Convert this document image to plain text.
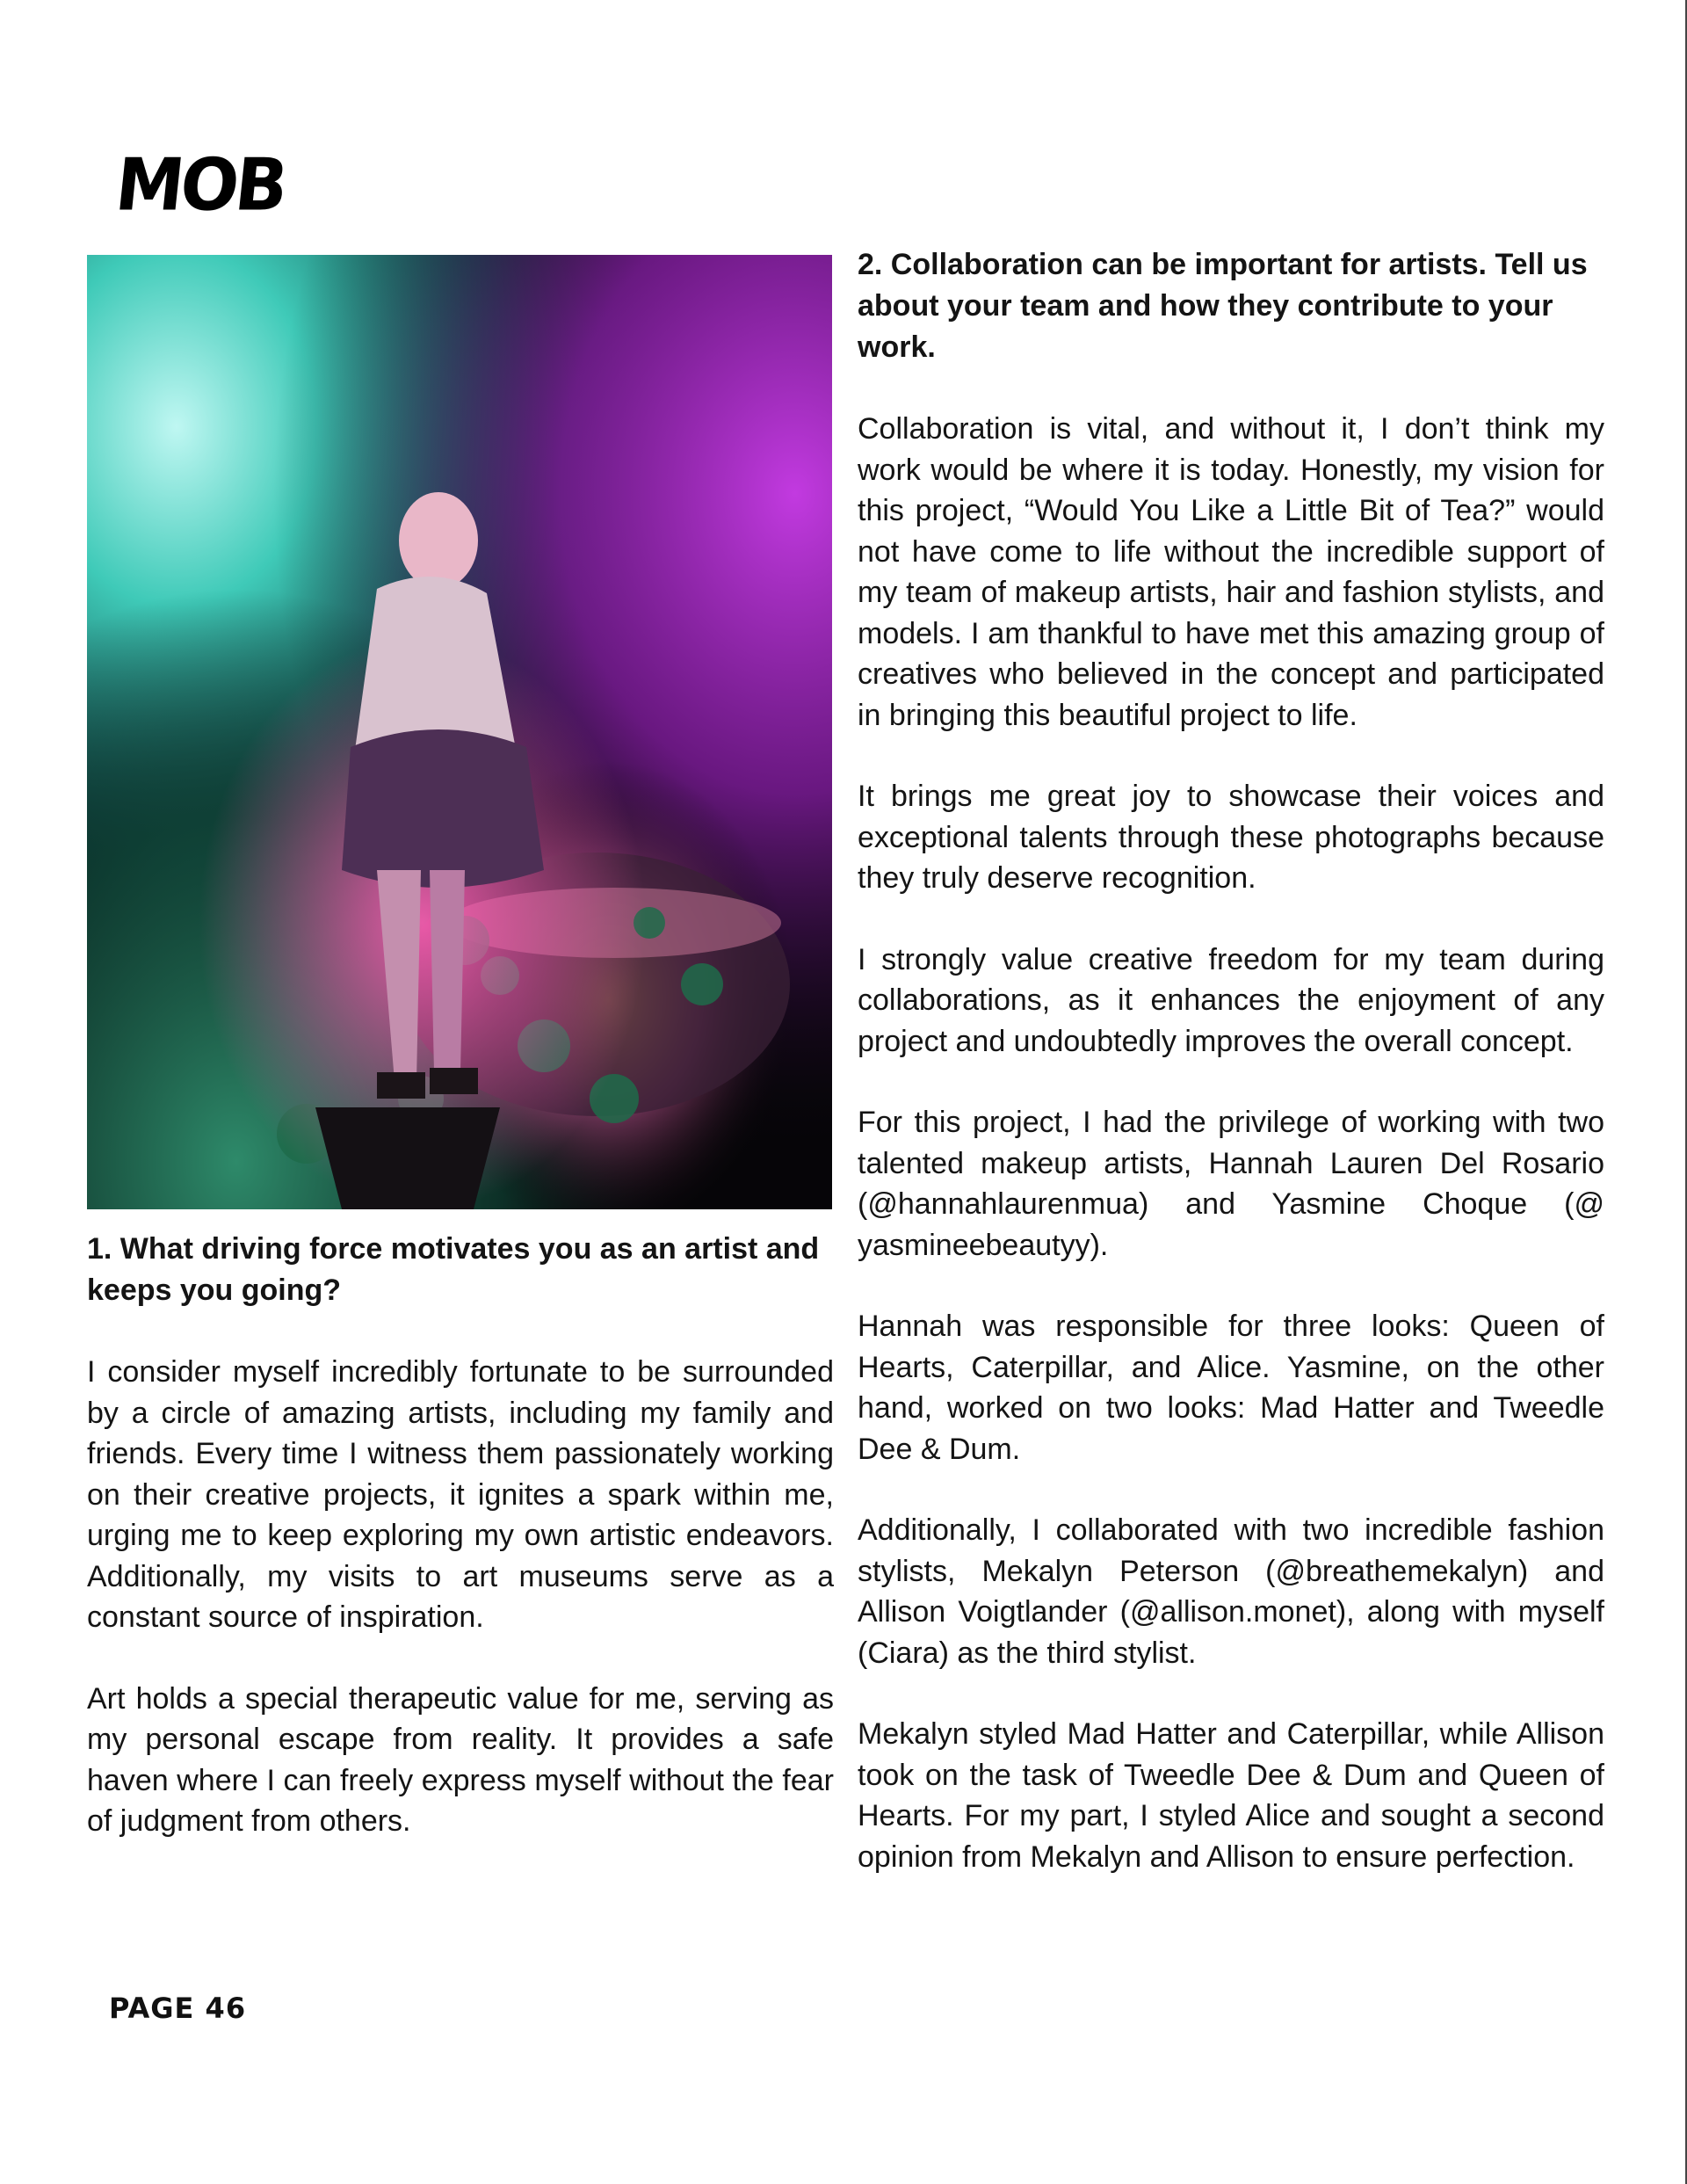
MOB

1. What driving force motivates you as an artist and keeps you going?

I consider myself incredibly fortunate to be surrounded by a circle of amazing artists, including my family and friends. Every time I witness them passionately working on their creative projects, it ignites a spark within me, urging me to keep exploring my own artistic endeavors. Additionally, my visits to art museums serve as a constant source of inspiration.

Art holds a special therapeutic value for me, serving as my personal escape from reality. It provides a safe haven where I can freely express myself without the fear of judgment from others.

2. Collaboration can be important for artists. Tell us about your team and how they contribute to your work.

Collaboration is vital, and without it, I don’t think my work would be where it is today. Honestly, my vision for this project, “Would You Like a Little Bit of Tea?” would not have come to life without the incredible support of my team of makeup artists, hair and fashion stylists, and models. I am thankful to have met this amazing group of creatives who believed in the concept and participated in bringing this beautiful project to life.

It brings me great joy to showcase their voices and exceptional talents through these photographs because they truly deserve recognition.

I strongly value creative freedom for my team during collaborations, as it enhances the enjoyment of any project and undoubtedly improves the overall concept.

For this project, I had the privilege of working with two talented makeup artists, Hannah Lauren Del Rosario (@hannahlaurenmua) and Yasmine Choque (@ yasmineebeautyy).

Hannah was responsible for three looks: Queen of Hearts, Caterpillar, and Alice. Yasmine, on the other hand, worked on two looks: Mad Hatter and Tweedle Dee & Dum.

Additionally, I collaborated with two incredible fashion stylists, Mekalyn Peterson (@breathemekalyn) and Allison Voigtlander (@allison.monet), along with myself (Ciara) as the third stylist.

Mekalyn styled Mad Hatter and Caterpillar, while Allison took on the task of Tweedle Dee & Dum and Queen of Hearts. For my part, I styled Alice and sought a second opinion from Mekalyn and Allison to ensure perfection.

PAGE 46
